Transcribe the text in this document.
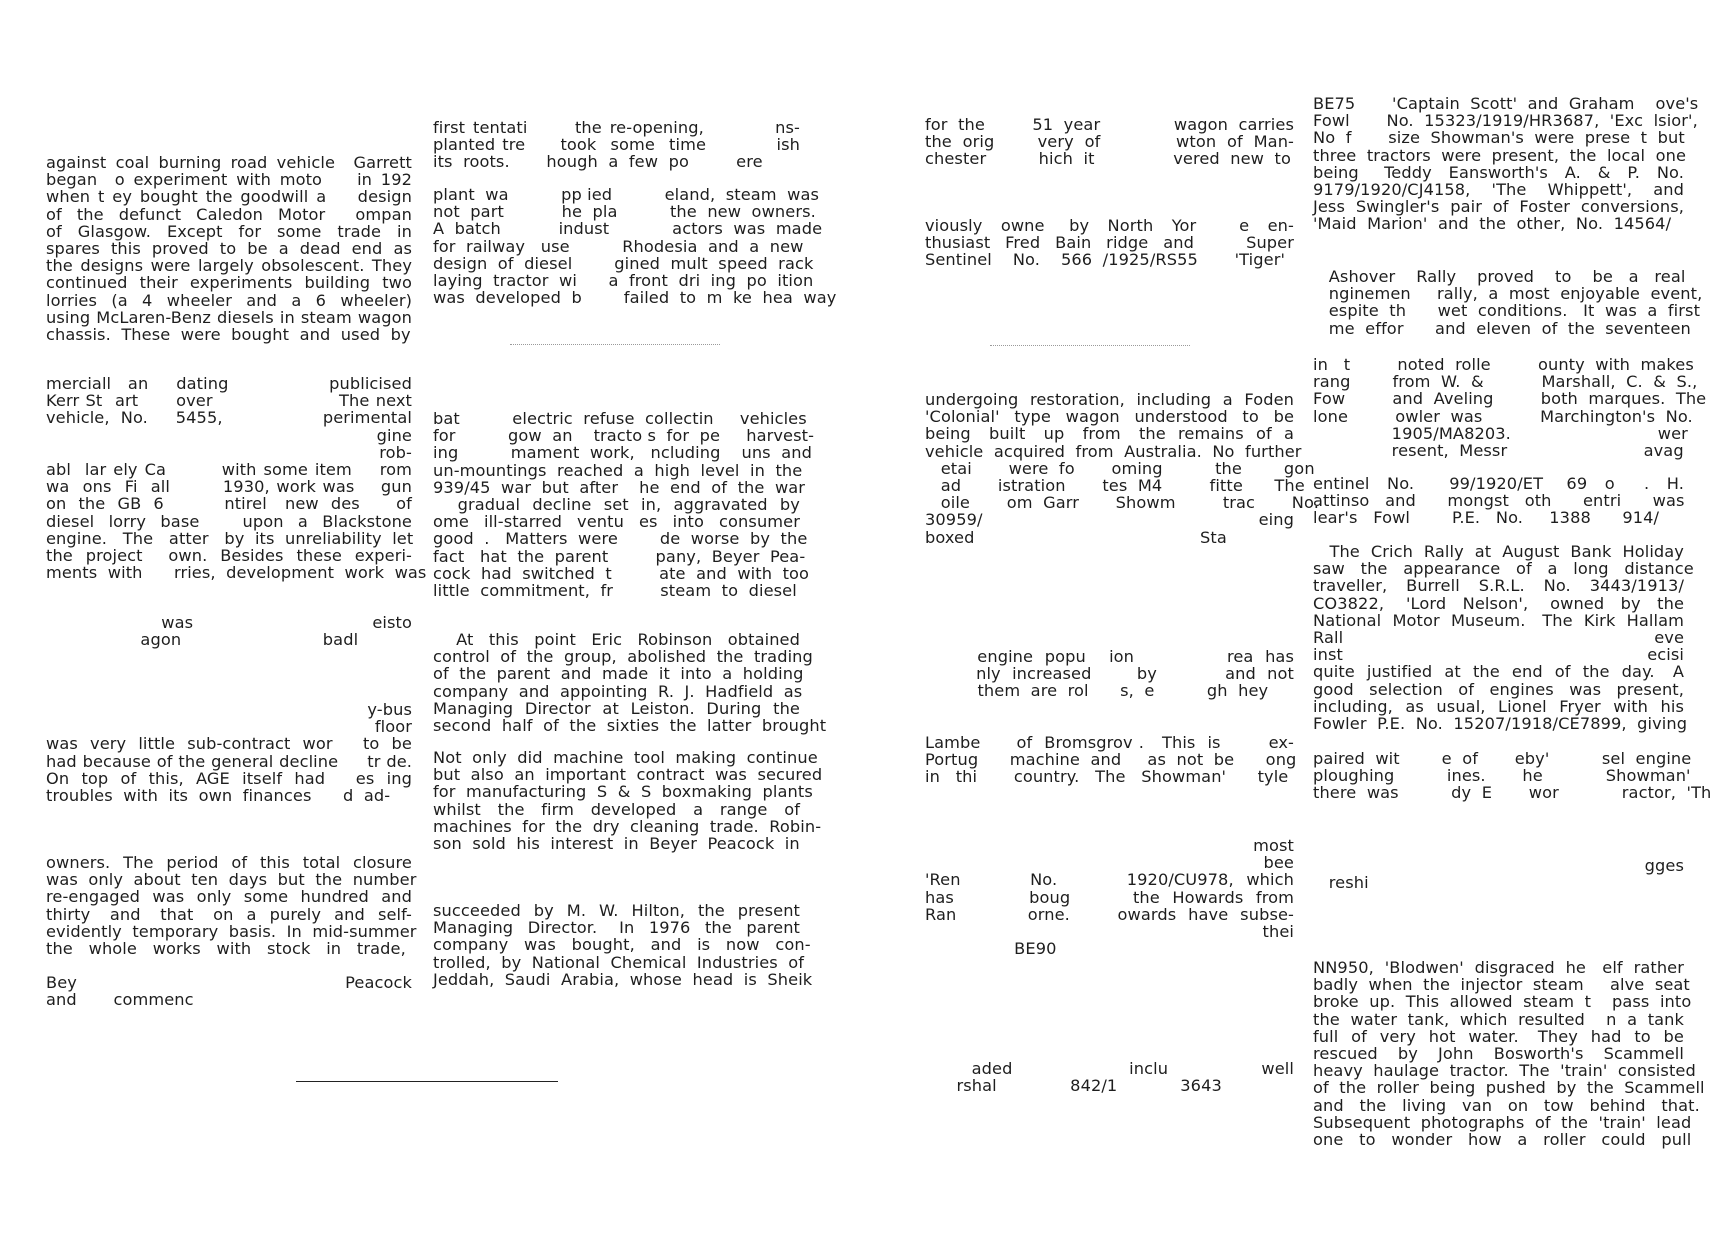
against coal burning road vehicle  Garrett
began  o experiment with moto    in 192
when t ey bought the goodwill a    design
of  the  defunct  Caledon  Motor    ompan
of  Glasgow.  Except  for  some  trade  in
spares  this  proved  to  be  a  dead  end  as
the designs were largely obsolescent. They
continued  their  experiments  building  two
lorries  (a  4  wheeler  and  a  6  wheeler)
using McLaren-Benz diesels in steam wagon
chassis.  These  were  bought  and  used  by
merciall   an     dating                  publicised
Kerr St  art      over                    The next
vehicle,  No.     5455,                  perimental
gine
rob-
abl  lar ely Ca        with some item    rom
wa  ons  Fi  all        1930, work was    gun
on  the  GB  6          ntirel   new  des      of
diesel  lorry  base      upon  a  Blackstone
engine.   The   atter   by  its  unreliability  let
the  project    own.  Besides  these  experi-
ments  with      rries,  development  work  was
was                            eisto
agon                           badl
y-bus
floor
was  very  little  sub-contract  wor     to  be
had because of the general decline     tr de.
On  top  of  this,  AGE  itself  had     es  ing
troubles  with  its  own  finances      d  ad-
owners.  The  period  of  this  total  closure
was  only  about  ten  days  but  the  number
re-engaged  was  only  some  hundred  and
thirty   and   that   on  a  purely  and  self-
evidently  temporary  basis.  In  mid-summer
the   whole   works   with   stock   in   trade,
Bey       Peacock
and       commenc
first tentati      the re-opening,         ns-
planted tre     took  some  time          ish
its  roots.       hough  a  few  po         ere
plant  wa          pp ied          eland,  steam  was
not  part           he  pla          the  new  owners.
A  batch           indust            actors  was  made
for  railway   use          Rhodesia  and  a  new
design  of  diesel        gined  mult  speed  rack
laying  tractor  wi      a  front  dri  ing  po  ition
was  developed  b        failed  to  m  ke  hea  way
bat          electric  refuse  collectin     vehicles
for          gow  an    tracto s  for  pe     harvest-
ing          mament  work,   ncluding    uns  and
un-mountings  reached  a  high  level  in  the
939/45  war  but  after    he  end  of  the  war
gradual  decline  set  in,  aggravated  by
ome  ill-starred  ventu  es  into  consumer
good  .   Matters  were        de  worse  by  the
fact   hat  the  parent         pany,  Beyer  Pea-
cock  had  switched  t         ate  and  with  too
little  commitment,  fr         steam  to  diesel
At  this  point  Eric  Robinson  obtained
control  of  the  group,  abolished  the  trading
of  the  parent  and  made  it  into  a  holding
company  and  appointing  R.  J.  Hadfield  as
Managing  Director  at  Leiston.  During  the
second  half  of  the  sixties  the  latter  brought
Not  only  did  machine  tool  making  continue
but  also  an  important  contract  was  secured
for  manufacturing  S  &  S  boxmaking  plants
whilst   the   firm   developed   a   range   of
machines  for  the  dry  cleaning  trade.  Robin-
son  sold  his  interest  in  Beyer  Peacock  in
succeeded  by  M.  W.  Hilton,  the  present
Managing  Director.   In  1976  the  parent
company   was   bought,   and   is   now   con-
trolled,  by  National  Chemical  Industries  of
Jeddah,  Saudi  Arabia,  whose  head  is  Sheik
for  the         51  year              wagon  carries
the  orig        very  of              wton  of  Man-
chester          hich  it               vered  new  to
viously   owne    by   North   Yor       e   en-
thusiast  Fred  Bain  ridge  and       Super
Sentinel    No.    566  /1925/RS55       'Tiger'
undergoing  restoration,  including  a  Foden
'Colonial'  type  wagon  understood  to  be
being   built   up   from   the  remains  of  a
vehicle  acquired  from  Australia.  No  further
etai       were  fo       oming          the        gon
ad       istration       tes  M4         fitte      The
oile       om  Garr       Showm         trac       No.
30959/                                        eing
boxed                                           Sta
engine  popu    ion                rea  has
nly  increased        by            and  not
them  are  rol      s,  e          gh  hey
Lambe      of  Bromsgrov .   This  is        ex-
Portug      machine  and     as  not  be      ong
in   thi       country.   The   Showman'      tyle
most
bee
'Ren           No.           1920/CU978,  which
has            boug          the  Howards  from
Ran            orne.        owards  have  subse-
thei
BE90
aded               inclu            well
rshal              842/1            3643
BE75       'Captain  Scott'  and  Graham    ove's
Fowl       No.  15323/1919/HR3687,  'Exc  lsior',
No  f       size  Showman's  were  prese  t  but
three  tractors  were  present,  the  local  one
being   Teddy  Eansworth's  A.  &  P.  No.
9179/1920/CJ4158,    'The    Whippett',    and
Jess  Swingler's  pair  of  Foster  conversions,
'Maid  Marion'  and  the  other,  No.  14564/
Ashover    Rally    proved    to    be   a   real
nginemen     rally,  a  most  enjoyable  event,
espite  th      wet  conditions.   It  was  a  first
me  effor      and  eleven  of  the  seventeen
in   t         noted  rolle         ounty  with  makes
rang        from  W.  &           Marshall,  C.  &  S.,
Fow         and  Aveling         both  marques.  The
lone         owler  was           Marchington's  No.
1905/MA8203.                            wer
resent,  Messr                          avag
entinel   No.      99/1920/ET    69   o     .   H.
attinso   and      mongst   oth      entri      was
lear's   Fowl        P.E.   No.     1388      914/
The  Crich  Rally  at  August  Bank  Holiday
saw   the   appearance   of   a   long   distance
traveller,   Burrell   S.R.L.   No.   3443/1913/
CO3822,    'Lord   Nelson',    owned   by   the
National  Motor  Museum.   The  Kirk  Hallam
Rall                                                      eve
inst                                                      ecisi
quite  justified  at  the  end  of  the  day.   A
good  selection  of  engines  was  present,
including,  as  usual,  Lionel  Fryer  with  his
Fowler  P.E.  No.  15207/1918/CE7899,  giving
paired  wit        e  of       eby'          sel  engine
ploughing          ines.       he            Showman'
there  was          dy  E       wor            ractor,  'Th
gges
reshi
NN950,  'Blodwen'  disgraced  he   elf  rather
badly  when  the  injector  steam     alve  seat
broke  up.  This  allowed  steam  t    pass  into
the  water  tank,  which  resulted    n  a  tank
full  of  very  hot  water.   They  had  to  be
rescued   by   John   Bosworth's   Scammell
heavy  haulage  tractor.  The  'train'  consisted
of  the  roller  being  pushed  by  the  Scammell
and   the   living   van   on   tow   behind   that.
Subsequent  photographs  of  the  'train'  lead
one   to   wonder   how   a   roller   could   pull
